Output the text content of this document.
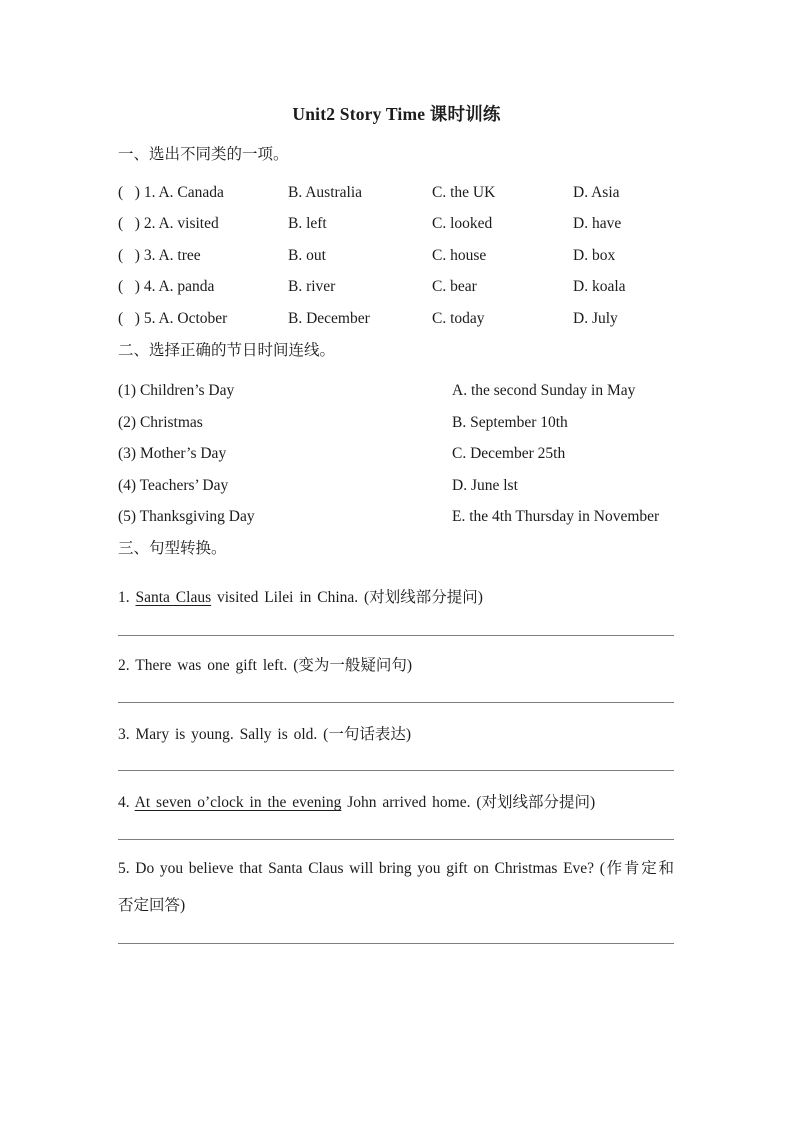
Unit2 Story Time 课时训练
一、选出不同类的一项。
(   ) 1. A. Canada	B. Australia	C. the UK	D. Asia
(   ) 2. A. visited	B. left	C. looked	D. have
(   ) 3. A. tree	B. out	C. house	D. box
(   ) 4. A. panda	B. river	C. bear	D. koala
(   ) 5. A. October	B. December	C. today	D. July
二、选择正确的节日时间连线。
(1) Children’s Day	A. the second Sunday in May
(2) Christmas	B. September 10th
(3) Mother’s Day	C. December 25th
(4) Teachers’ Day	D. June lst
(5) Thanksgiving Day	E. the 4th Thursday in November
三、句型转换。
1. Santa Claus visited Lilei in China. (对划线部分提问)
2. There was one gift left. (变为一般疑问句)
3. Mary is young. Sally is old. (一句话表达)
4. At seven o’clock in the evening John arrived home. (对划线部分提问)
5. Do you believe that Santa Claus will bring you gift on Christmas Eve? (作肯定和
否定回答)
